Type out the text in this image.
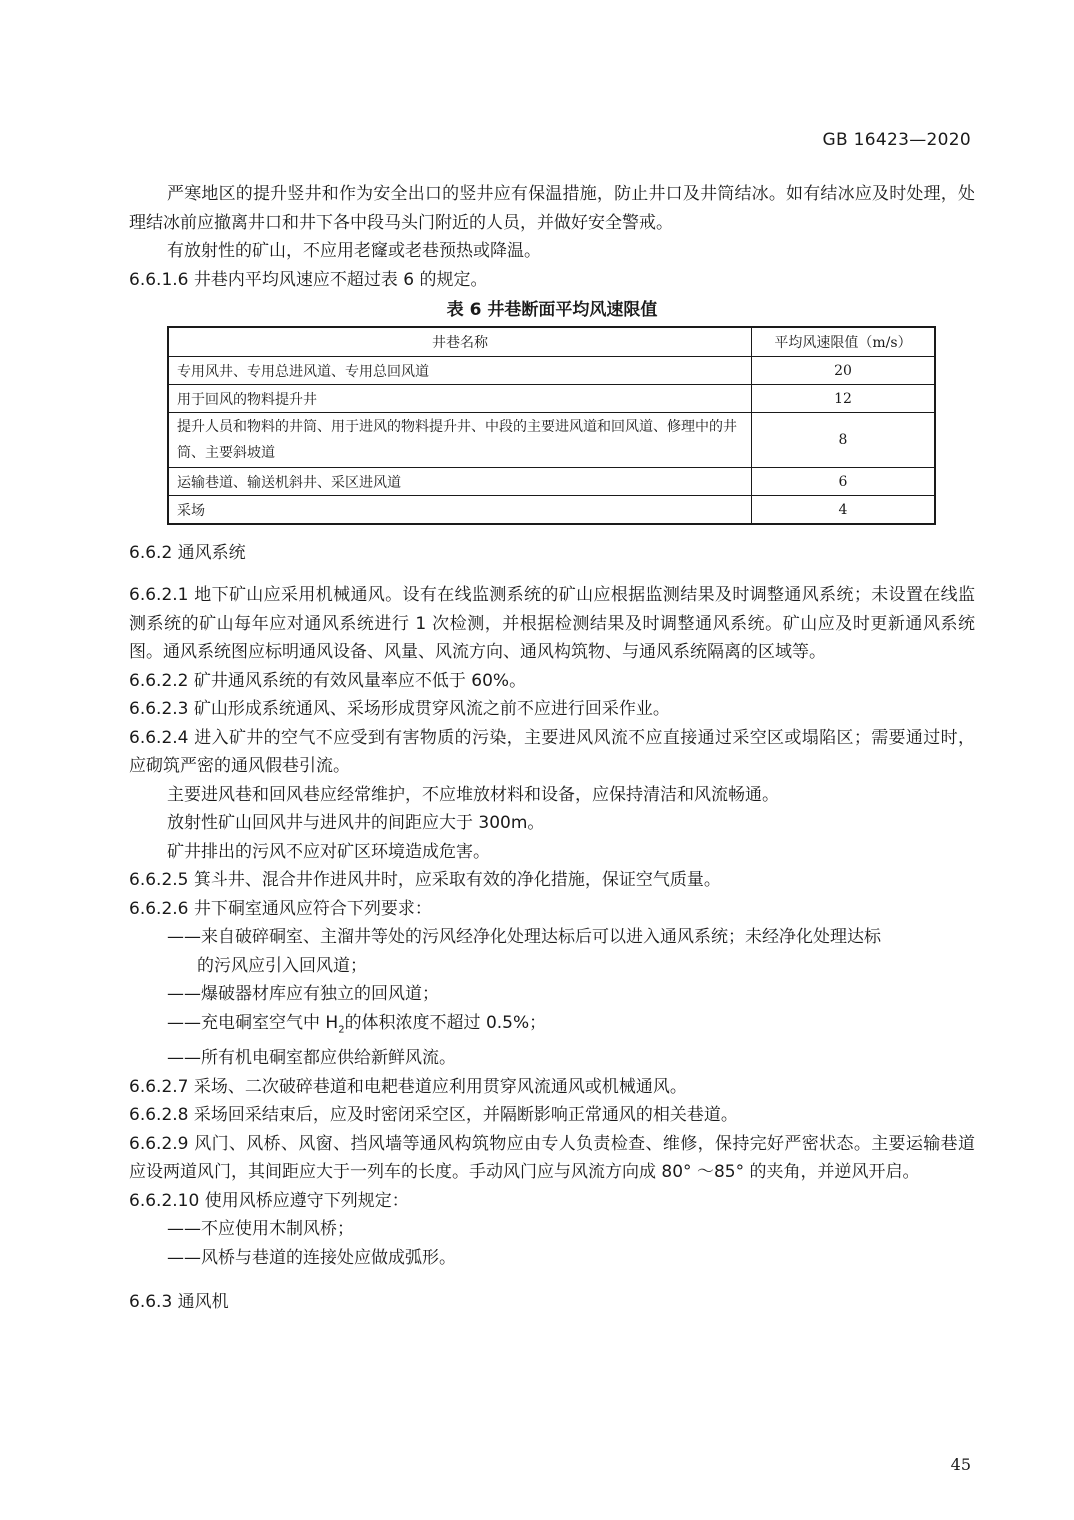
GB 16423—2020

严寒地区的提升竖井和作为安全出口的竖井应有保温措施，防止井口及井筒结冰。如有结冰应及时处理，处理结冰前应撤离井口和井下各中段马头门附近的人员，并做好安全警戒。

有放射性的矿山，不应用老窿或老巷预热或降温。

6.6.1.6 井巷内平均风速应不超过表 6 的规定。

表 6 井巷断面平均风速限值
井巷名称	平均风速限值（m/s）
专用风井、专用总进风道、专用总回风道	20
用于回风的物料提升井	12
提升人员和物料的井筒、用于进风的物料提升井、中段的主要进风道和回风道、修理中的井筒、主要斜坡道	8
运输巷道、输送机斜井、采区进风道	6
采场	4

6.6.2 通风系统

6.6.2.1 地下矿山应采用机械通风。设有在线监测系统的矿山应根据监测结果及时调整通风系统；未设置在线监测系统的矿山每年应对通风系统进行 1 次检测，并根据检测结果及时调整通风系统。矿山应及时更新通风系统图。通风系统图应标明通风设备、风量、风流方向、通风构筑物、与通风系统隔离的区域等。

6.6.2.2 矿井通风系统的有效风量率应不低于 60%。

6.6.2.3 矿山形成系统通风、采场形成贯穿风流之前不应进行回采作业。

6.6.2.4 进入矿井的空气不应受到有害物质的污染，主要进风风流不应直接通过采空区或塌陷区；需要通过时，应砌筑严密的通风假巷引流。

主要进风巷和回风巷应经常维护，不应堆放材料和设备，应保持清洁和风流畅通。

放射性矿山回风井与进风井的间距应大于 300m。

矿井排出的污风不应对矿区环境造成危害。

6.6.2.5 箕斗井、混合井作进风井时，应采取有效的净化措施，保证空气质量。

6.6.2.6 井下硐室通风应符合下列要求：

——来自破碎硐室、主溜井等处的污风经净化处理达标后可以进入通风系统；未经净化处理达标

的污风应引入回风道；

——爆破器材库应有独立的回风道；

——充电硐室空气中 $H_2$的体积浓度不超过 0.5%；

——所有机电硐室都应供给新鲜风流。

6.6.2.7 采场、二次破碎巷道和电耙巷道应利用贯穿风流通风或机械通风。

6.6.2.8 采场回采结束后，应及时密闭采空区，并隔断影响正常通风的相关巷道。

6.6.2.9 风门、风桥、风窗、挡风墙等通风构筑物应由专人负责检查、维修，保持完好严密状态。主要运输巷道应设两道风门，其间距应大于一列车的长度。手动风门应与风流方向成 80° ～85° 的夹角，并逆风开启。

6.6.2.10 使用风桥应遵守下列规定：

——不应使用木制风桥；

——风桥与巷道的连接处应做成弧形。

6.6.3 通风机

45
